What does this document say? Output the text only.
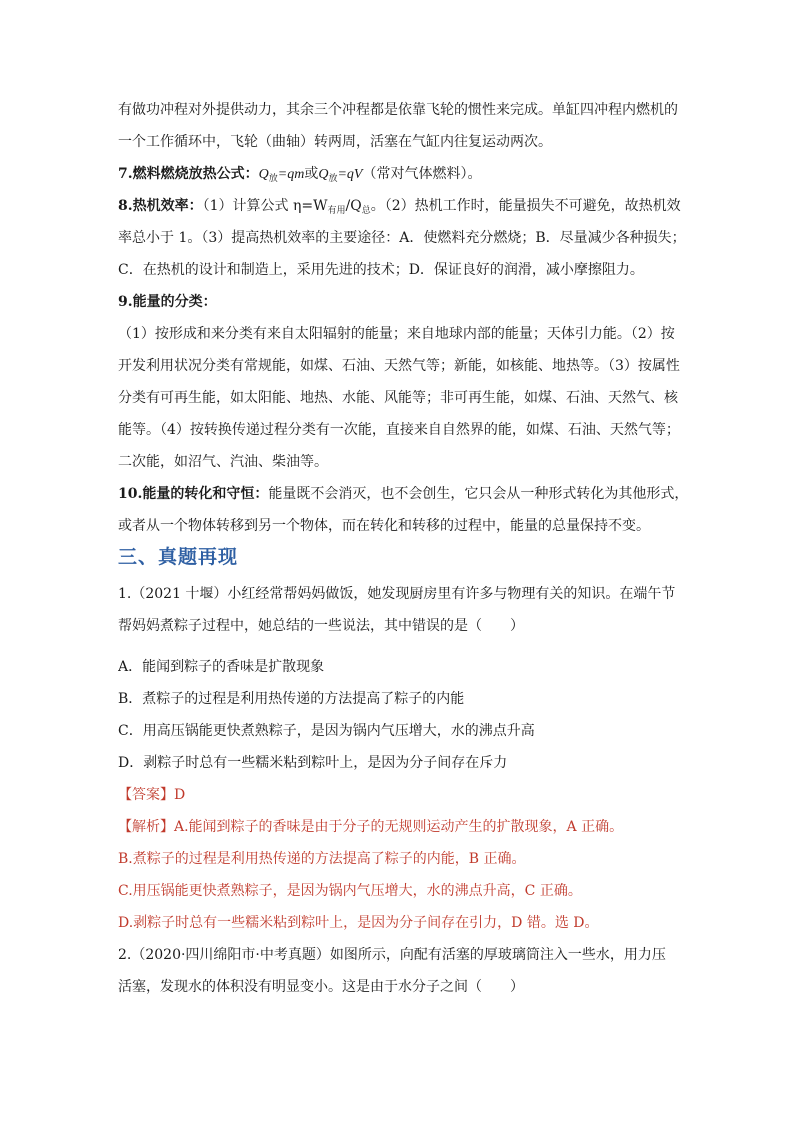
有做功冲程对外提供动力，其余三个冲程都是依靠飞轮的惯性来完成。单缸四冲程内燃机的
一个工作循环中，飞轮（曲轴）转两周，活塞在气缸内往复运动两次。
7.燃料燃烧放热公式：$Q_放=qm$或$Q_放=qV$（常对气体燃料）。
8.热机效率：（1）计算公式 $\eta=W_{有用}/Q_总$。（2）热机工作时，能量损失不可避免，故热机效
率总小于 1。（3）提高热机效率的主要途径：A．使燃料充分燃烧；B．尽量减少各种损失；
C．在热机的设计和制造上，采用先进的技术；D．保证良好的润滑，减小摩擦阻力。
9.能量的分类：
（1）按形成和来分类有来自太阳辐射的能量；来自地球内部的能量；天体引力能。（2）按
开发利用状况分类有常规能，如煤、石油、天然气等；新能，如核能、地热等。（3）按属性
分类有可再生能，如太阳能、地热、水能、风能等；非可再生能，如煤、石油、天然气、核
能等。（4）按转换传递过程分类有一次能，直接来自自然界的能，如煤、石油、天然气等；
二次能，如沼气、汽油、柴油等。
10.能量的转化和守恒：能量既不会消灭，也不会创生，它只会从一种形式转化为其他形式，
或者从一个物体转移到另一个物体，而在转化和转移的过程中，能量的总量保持不变。
三、真题再现
1.（2021 十堰）小红经常帮妈妈做饭，她发现厨房里有许多与物理有关的知识。在端午节
帮妈妈煮粽子过程中，她总结的一些说法，其中错误的是（　　）
A．能闻到粽子的香味是扩散现象
B．煮粽子的过程是利用热传递的方法提高了粽子的内能
C．用高压锅能更快煮熟粽子，是因为锅内气压增大，水的沸点升高
D．剥粽子时总有一些糯米粘到粽叶上，是因为分子间存在斥力
【答案】D
【解析】A.能闻到粽子的香味是由于分子的无规则运动产生的扩散现象，A 正确。
B.煮粽子的过程是利用热传递的方法提高了粽子的内能，B 正确。
C.用压锅能更快煮熟粽子，是因为锅内气压增大，水的沸点升高，C 正确。
D.剥粽子时总有一些糯米粘到粽叶上，是因为分子间存在引力，D 错。选 D。
2.（2020·四川绵阳市·中考真题）如图所示，向配有活塞的厚玻璃筒注入一些水，用力压
活塞，发现水的体积没有明显变小。这是由于水分子之间（　　）
